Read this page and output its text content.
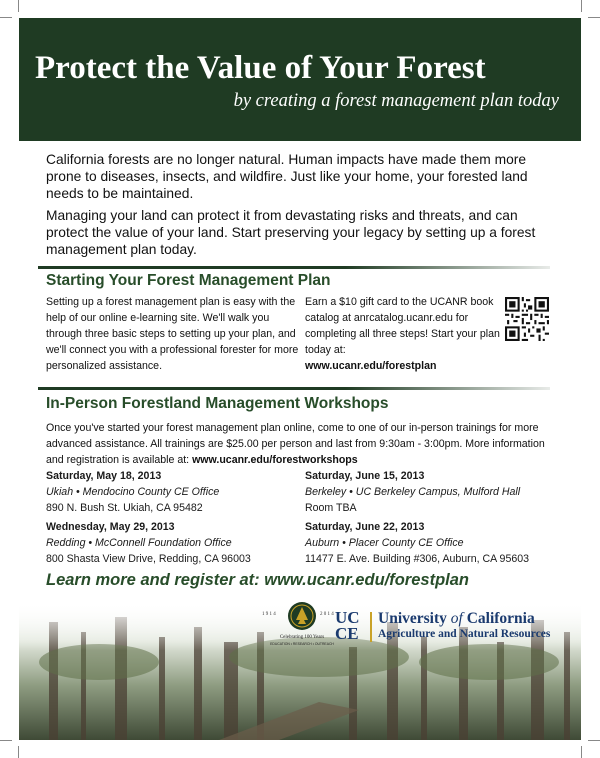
Protect the Value of Your Forest
by creating a forest management plan today

California forests are no longer natural. Human impacts have made them more prone to diseases, insects, and wildfire. Just like your home, your forested land needs to be maintained.

Managing your land can protect it from devastating risks and threats, and can protect the value of your land. Start preserving your legacy by setting up a forest management plan today.

Starting Your Forest Management Plan

Setting up a forest management plan is easy with the help of our online e-learning site. We'll walk you through three basic steps to setting up your plan, and we'll connect you with a professional forester for more personalized assistance.

Earn a $10 gift card to the UCANR book catalog at anrcatalog.ucanr.edu for completing all three steps! Start your plan today at:

www.ucanr.edu/forestplan

In-Person Forestland Management Workshops

Once you've started your forest management plan online, come to one of our in-person trainings for more advanced assistance. All trainings are $25.00 per person and last from 9:30am - 3:00pm. More information and registration is available at: www.ucanr.edu/forestworkshops

Saturday, May 18, 2013

Ukiah • Mendocino County CE Office

890 N. Bush St. Ukiah, CA 95482

Wednesday, May 29, 2013

Redding • McConnell Foundation Office

800 Shasta View Drive, Redding, CA 96003

Saturday, June 15, 2013

Berkeley • UC Berkeley Campus, Mulford Hall

Room TBA

Saturday, June 22, 2013

Auburn • Placer County CE Office

11477 E. Ave. Building #306, Auburn, CA 95603

Learn more and register at: www.ucanr.edu/forestplan
1 9 1 4	2 0 1 4
Celebrating 100 Years
EDUCATION • RESEARCH • OUTREACH
UC
CE
University of California
Agriculture and Natural Resources
